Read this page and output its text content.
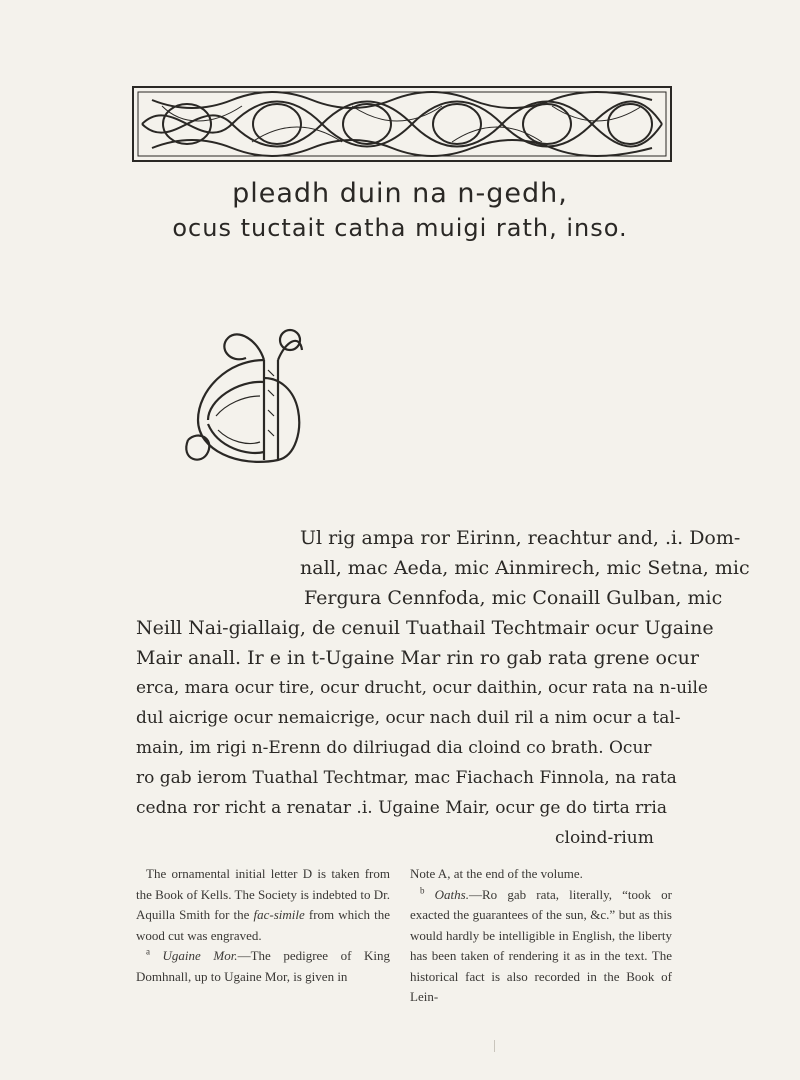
pleadh duin na n-gedh,
ocus tuctait catha muigi rath, inso.
Ul rig ampa ror Eirinn, reachtur and, .i. Dom-
nall, mac Aeda, mic Ainmirech, mic Setna, mic
Fergura Cennfoda, mic Conaill Gulban, mic
Neill Nai-giallaig, de cenuil Tuathail Techtmair ocur Ugaine
Mair anall. Ir e in t-Ugaine Mar rin ro gab rata grene ocur
erca, mara ocur tire, ocur drucht, ocur daithin, ocur rata na n-uile
dul aicrige ocur nemaicrige, ocur nach duil ril a nim ocur a tal-
main, im rigi n-Erenn do dilriugad dia cloind co brath. Ocur
ro gab ierom Tuathal Techtmar, mac Fiachach Finnola, na rata
cedna ror richt a renatar .i. Ugaine Mair, ocur ge do tirta rria
cloind-rium

The ornamental initial letter D is taken from the Book of Kells. The Society is indebted to Dr. Aquilla Smith for the fac-simile from which the wood cut was engraved.

$^a$ Ugaine Mor.—The pedigree of King Domhnall, up to Ugaine Mor, is given in

Note A, at the end of the volume.

$^b$ Oaths.—Ro gab rata, literally, “took or exacted the guarantees of the sun, &c.” but as this would hardly be intelligible in English, the liberty has been taken of rendering it as in the text. The historical fact is also recorded in the Book of Lein-
